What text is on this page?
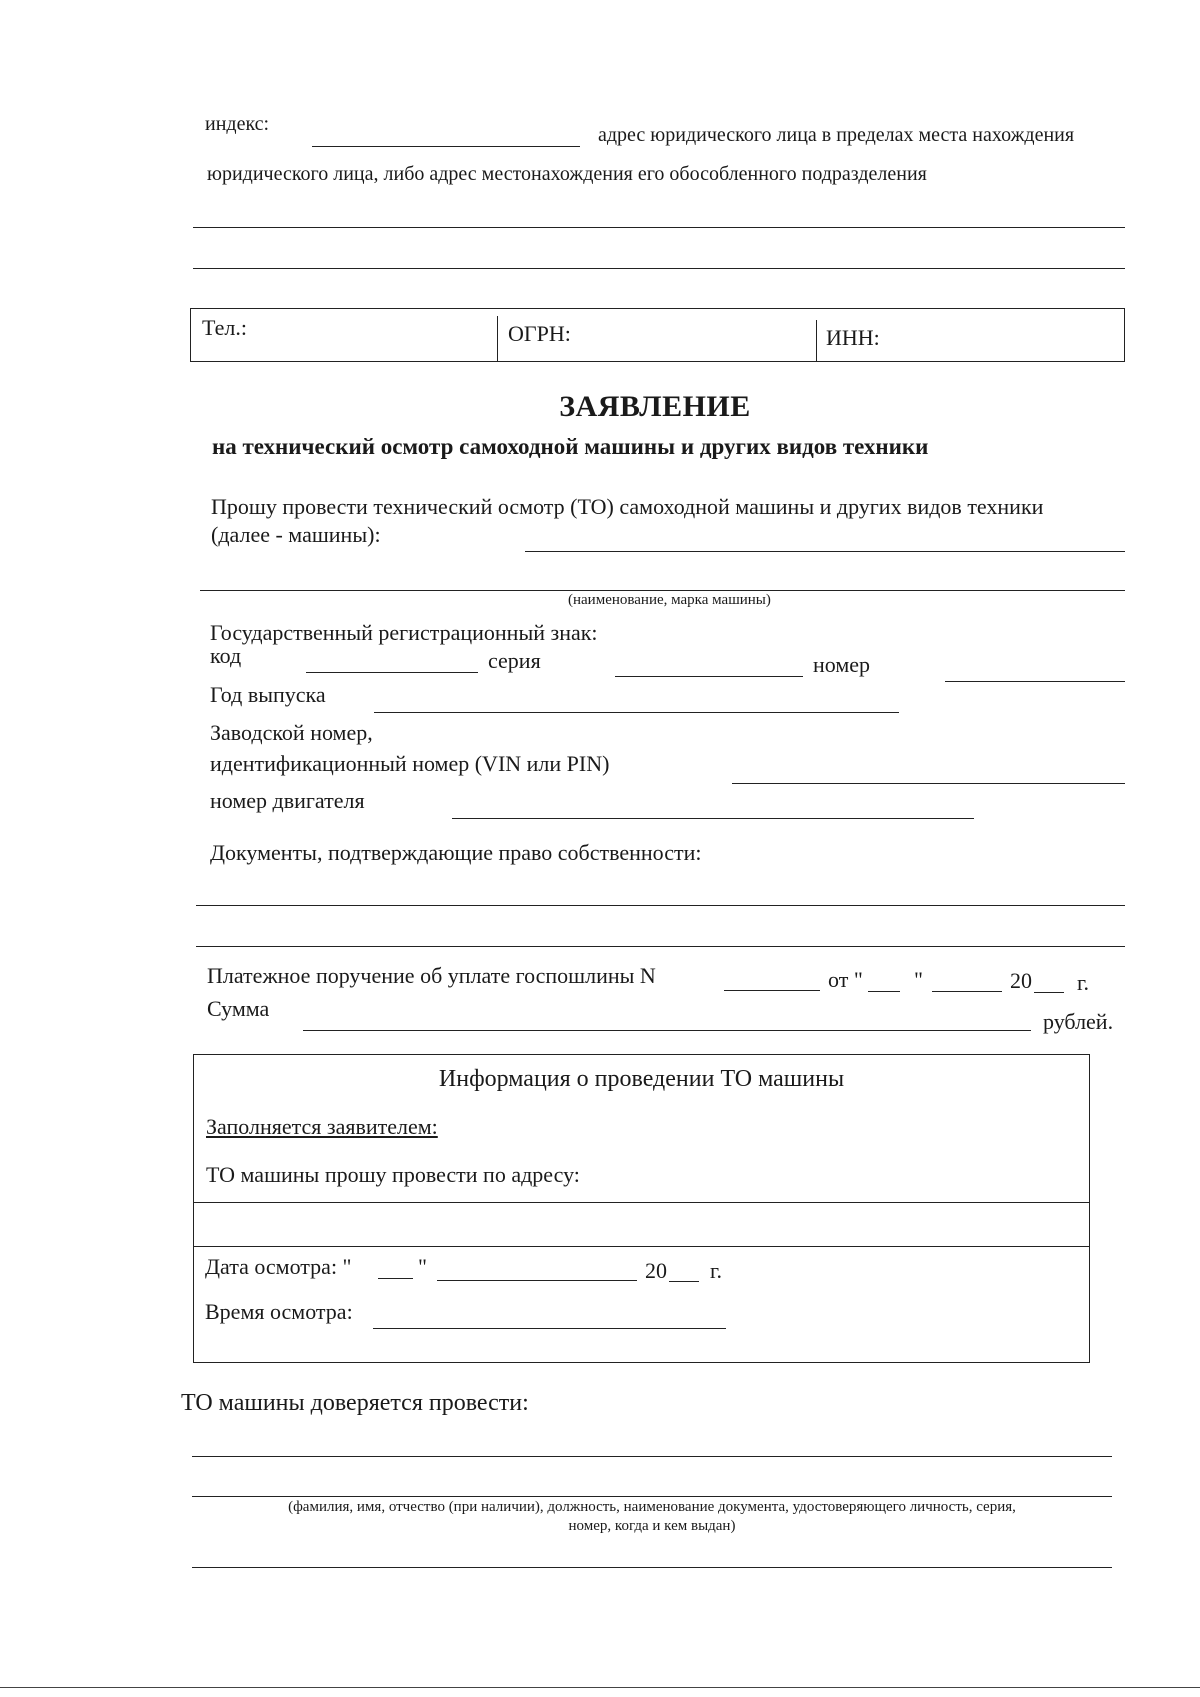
индекс:	адрес юридического лица в пределах места нахождения
юридического лица, либо адрес местонахождения его обособленного подразделения
Тел.:	ОГРН:	ИНН:
ЗАЯВЛЕНИЕ
на технический осмотр самоходной машины и других видов техники
Прошу провести технический осмотр (ТО) самоходной машины и других видов техники
(далее - машины):
(наименование, марка машины)
Государственный регистрационный знак:
код	серия	номер
Год выпуска
Заводской номер,
идентификационный номер (VIN или PIN)
номер двигателя
Документы, подтверждающие право собственности:
Платежное поручение об уплате госпошлины N	от " "	20 г.
Сумма
рублей.
Информация о проведении ТО машины
Заполняется заявителем:
ТО машины прошу провести по адресу:
Дата осмотра: "	"	20 г.
Время осмотра:
ТО машины доверяется провести:
(фамилия, имя, отчество (при наличии), должность, наименование документа, удостоверяющего личность, серия,
номер, когда и кем выдан)
